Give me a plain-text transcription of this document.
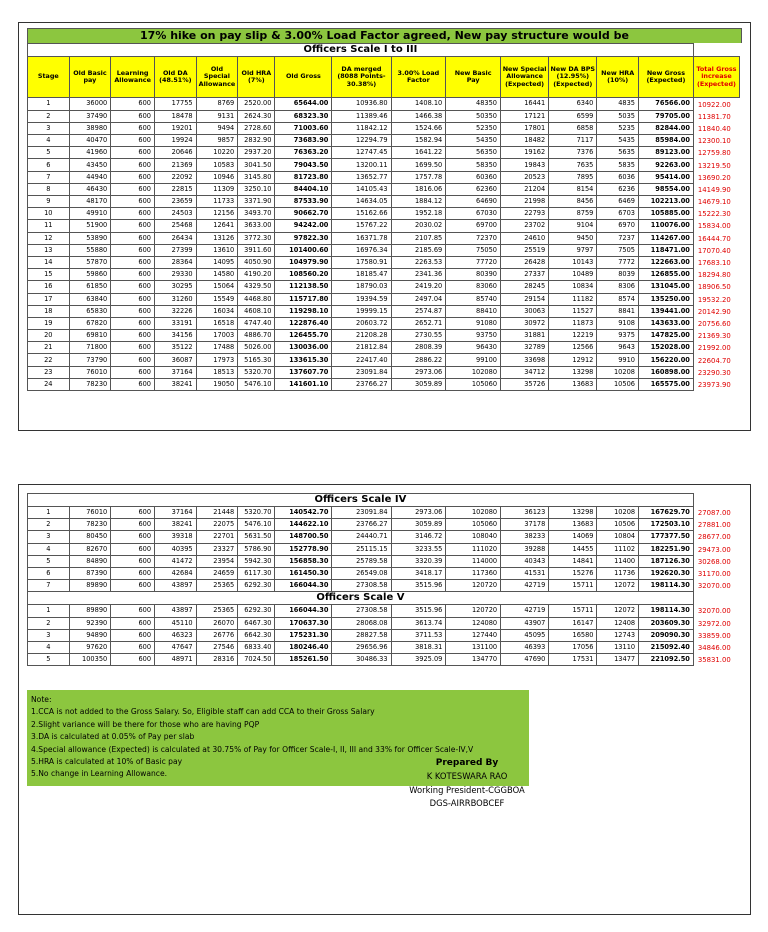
17% hike on pay slip & 3.00% Load Factor agreed, New pay structure would be
Officers Scale I to III														
Stage	Old Basic pay	Learning Allowance	Old DA (48.51%)	Old Special Allowance	Old HRA (7%)	Old Gross	DA merged (8088 Points- 30.38%)	3.00% Load Factor	New Basic Pay	New Special Allowance (Expected)	New DA BPS (12.95%) (Expected)	New HRA (10%)	New Gross (Expected)	Total Gross increase (Expected)
1	36000	600	17755	8769	2520.00	65644.00	10936.80	1408.10	48350	16441	6340	4835	76566.00	10922.00
2	37490	600	18478	9131	2624.30	68323.30	11389.46	1466.38	50350	17121	6599	5035	79705.00	11381.70
3	38980	600	19201	9494	2728.60	71003.60	11842.12	1524.66	52350	17801	6858	5235	82844.00	11840.40
4	40470	600	19924	9857	2832.90	73683.90	12294.79	1582.94	54350	18482	7117	5435	85984.00	12300.10
5	41960	600	20646	10220	2937.20	76363.20	12747.45	1641.22	56350	19162	7376	5635	89123.00	12759.80
6	43450	600	21369	10583	3041.50	79043.50	13200.11	1699.50	58350	19843	7635	5835	92263.00	13219.50
7	44940	600	22092	10946	3145.80	81723.80	13652.77	1757.78	60360	20523	7895	6036	95414.00	13690.20
8	46430	600	22815	11309	3250.10	84404.10	14105.43	1816.06	62360	21204	8154	6236	98554.00	14149.90
9	48170	600	23659	11733	3371.90	87533.90	14634.05	1884.12	64690	21998	8456	6469	102213.00	14679.10
10	49910	600	24503	12156	3493.70	90662.70	15162.66	1952.18	67030	22793	8759	6703	105885.00	15222.30
11	51900	600	25468	12641	3633.00	94242.00	15767.22	2030.02	69700	23702	9104	6970	110076.00	15834.00
12	53890	600	26434	13126	3772.30	97822.30	16371.78	2107.85	72370	24610	9450	7237	114267.00	16444.70
13	55880	600	27399	13610	3911.60	101400.60	16976.34	2185.69	75050	25519	9797	7505	118471.00	17070.40
14	57870	600	28364	14095	4050.90	104979.90	17580.91	2263.53	77720	26428	10143	7772	122663.00	17683.10
15	59860	600	29330	14580	4190.20	108560.20	18185.47	2341.36	80390	27337	10489	8039	126855.00	18294.80
16	61850	600	30295	15064	4329.50	112138.50	18790.03	2419.20	83060	28245	10834	8306	131045.00	18906.50
17	63840	600	31260	15549	4468.80	115717.80	19394.59	2497.04	85740	29154	11182	8574	135250.00	19532.20
18	65830	600	32226	16034	4608.10	119298.10	19999.15	2574.87	88410	30063	11527	8841	139441.00	20142.90
19	67820	600	33191	16518	4747.40	122876.40	20603.72	2652.71	91080	30972	11873	9108	143633.00	20756.60
20	69810	600	34156	17003	4886.70	126455.70	21208.28	2730.55	93750	31881	12219	9375	147825.00	21369.30
21	71800	600	35122	17488	5026.00	130036.00	21812.84	2808.39	96430	32789	12566	9643	152028.00	21992.00
22	73790	600	36087	17973	5165.30	133615.30	22417.40	2886.22	99100	33698	12912	9910	156220.00	22604.70
23	76010	600	37164	18513	5320.70	137607.70	23091.84	2973.06	102080	34712	13298	10208	160898.00	23290.30
24	78230	600	38241	19050	5476.10	141601.10	23766.27	3059.89	105060	35726	13683	10506	165575.00	23973.90
Officers Scale IV														
1	76010	600	37164	21448	5320.70	140542.70	23091.84	2973.06	102080	36123	13298	10208	167629.70	27087.00
2	78230	600	38241	22075	5476.10	144622.10	23766.27	3059.89	105060	37178	13683	10506	172503.10	27881.00
3	80450	600	39318	22701	5631.50	148700.50	24440.71	3146.72	108040	38233	14069	10804	177377.50	28677.00
4	82670	600	40395	23327	5786.90	152778.90	25115.15	3233.55	111020	39288	14455	11102	182251.90	29473.00
5	84890	600	41472	23954	5942.30	156858.30	25789.58	3320.39	114000	40343	14841	11400	187126.30	30268.00
6	87390	600	42684	24659	6117.30	161450.30	26549.08	3418.17	117360	41531	15276	11736	192620.30	31170.00
7	89890	600	43897	25365	6292.30	166044.30	27308.58	3515.96	120720	42719	15711	12072	198114.30	32070.00
Officers Scale V														
1	89890	600	43897	25365	6292.30	166044.30	27308.58	3515.96	120720	42719	15711	12072	198114.30	32070.00
2	92390	600	45110	26070	6467.30	170637.30	28068.08	3613.74	124080	43907	16147	12408	203609.30	32972.00
3	94890	600	46323	26776	6642.30	175231.30	28827.58	3711.53	127440	45095	16580	12743	209090.30	33859.00
4	97620	600	47647	27546	6833.40	180246.40	29656.96	3818.31	131100	46393	17056	13110	215092.40	34846.00
5	100350	600	48971	28316	7024.50	185261.50	30486.33	3925.09	134770	47690	17531	13477	221092.50	35831.00
Note:
1.CCA is not added to the Gross Salary. So, Eligible staff can add CCA to their Gross Salary
2.Slight variance will be there for those who are having PQP
3.DA is calculated at 0.05% of Pay per slab
4.Special allowance (Expected) is calculated at 30.75% of Pay for Officer Scale-I, II, III and 33% for Officer Scale-IV,V
5.HRA is calculated at 10% of Basic pay
5.No change in Learning Allowance.
Prepared By
K KOTESWARA RAO
Working President-CGGBOA
DGS-AIRRBOBCEF
